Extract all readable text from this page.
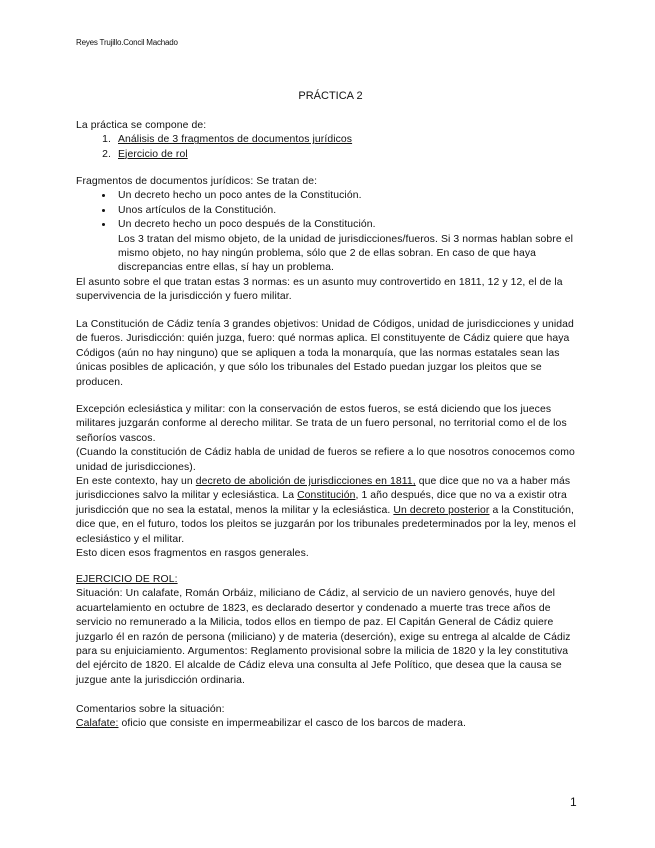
Reyes Trujillo.Concil Machado
PRÁCTICA 2
La práctica se compone de:
1. Análisis de 3 fragmentos de documentos jurídicos
2. Ejercicio de rol
Fragmentos de documentos jurídicos: Se tratan de:
• Un decreto hecho un poco antes de la Constitución.
• Unos artículos de la Constitución.
• Un decreto hecho un poco después de la Constitución.
Los 3 tratan del mismo objeto, de la unidad de jurisdicciones/fueros. Si 3 normas hablan sobre el mismo objeto, no hay ningún problema, sólo que 2 de ellas sobran. En caso de que haya discrepancias entre ellas, sí hay un problema.
El asunto sobre el que tratan estas 3 normas: es un asunto muy controvertido en 1811, 12 y 12, el de la supervivencia de la jurisdicción y fuero militar.
La Constitución de Cádiz tenía 3 grandes objetivos: Unidad de Códigos, unidad de jurisdicciones y unidad de fueros. Jurisdicción: quién juzga, fuero: qué normas aplica. El constituyente de Cádiz quiere que haya Códigos (aún no hay ninguno) que se apliquen a toda la monarquía, que las normas estatales sean las únicas posibles de aplicación, y que sólo los tribunales del Estado puedan juzgar los pleitos que se producen.
Excepción eclesiástica y militar: con la conservación de estos fueros, se está diciendo que los jueces militares juzgarán conforme al derecho militar. Se trata de un fuero personal, no territorial como el de los señoríos vascos.
(Cuando la constitución de Cádiz habla de unidad de fueros se refiere a lo que nosotros conocemos como unidad de jurisdicciones).
En este contexto, hay un decreto de abolición de jurisdicciones en 1811, que dice que no va a haber más jurisdicciones salvo la militar y eclesiástica. La Constitución, 1 año después, dice que no va a existir otra jurisdicción que no sea la estatal, menos la militar y la eclesiástica. Un decreto posterior a la Constitución, dice que, en el futuro, todos los pleitos se juzgarán por los tribunales predeterminados por la ley, menos el eclesiástico y el militar.
Esto dicen esos fragmentos en rasgos generales.
EJERCICIO DE ROL:
Situación: Un calafate, Román Orbáiz, miliciano de Cádiz, al servicio de un naviero genovés, huye del acuartelamiento en octubre de 1823, es declarado desertor y condenado a muerte tras trece años de servicio no remunerado a la Milicia, todos ellos en tiempo de paz. El Capitán General de Cádiz quiere juzgarlo él en razón de persona (miliciano) y de materia (deserción), exige su entrega al alcalde de Cádiz para su enjuiciamiento. Argumentos: Reglamento provisional sobre la milicia de 1820 y la ley constitutiva del ejército de 1820. El alcalde de Cádiz eleva una consulta al Jefe Político, que desea que la causa se juzgue ante la jurisdicción ordinaria.
Comentarios sobre la situación:
Calafate: oficio que consiste en impermeabilizar el casco de los barcos de madera.
1
